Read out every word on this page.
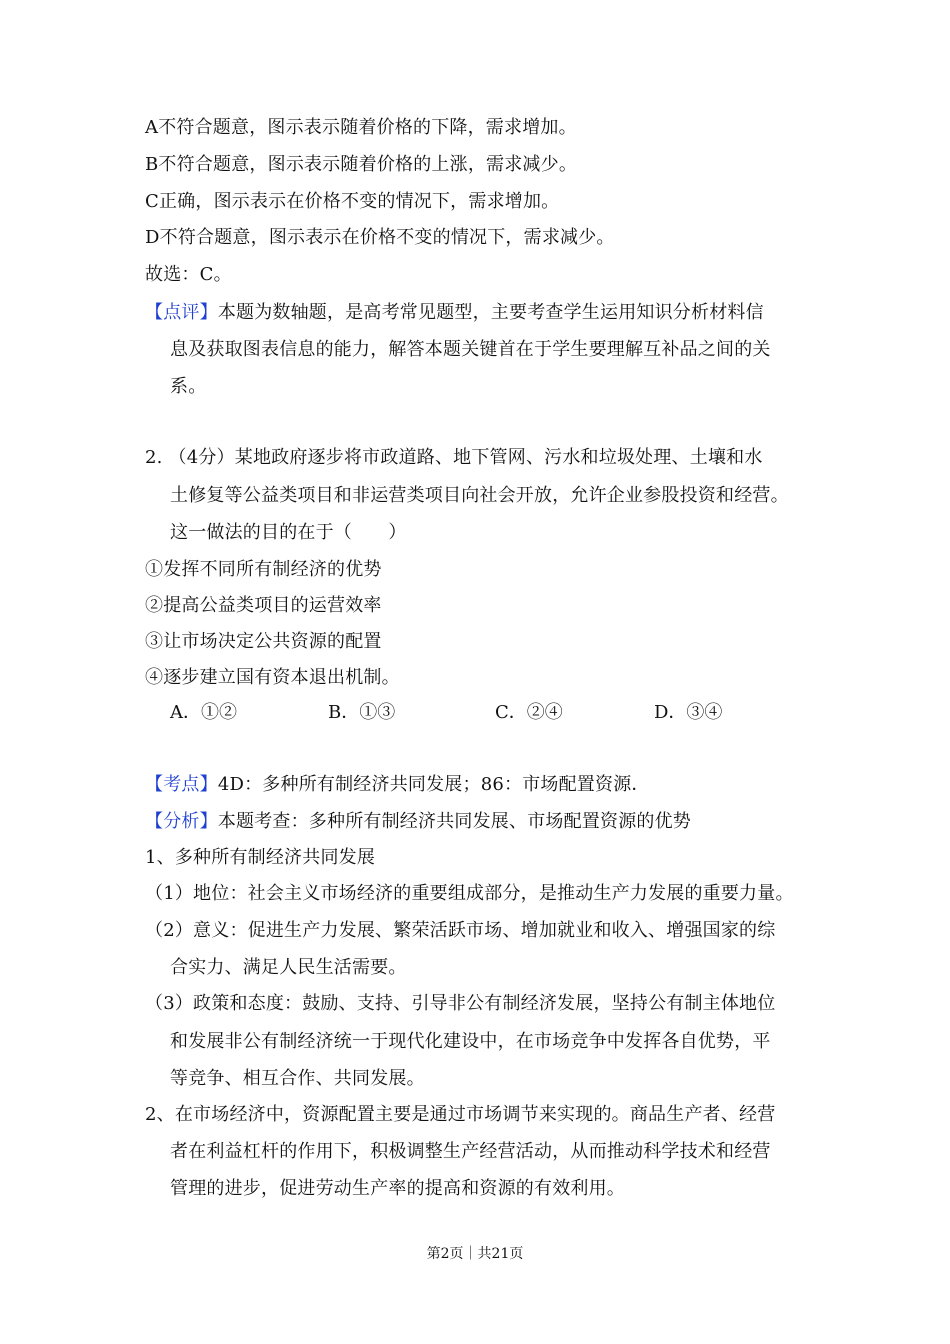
A不符合题意，图示表示随着价格的下降，需求增加。
B不符合题意，图示表示随着价格的上涨，需求减少。
C正确，图示表示在价格不变的情况下，需求增加。
D不符合题意，图示表示在价格不变的情况下，需求减少。
故选：C。
【点评】本题为数轴题，是高考常见题型，主要考查学生运用知识分析材料信
息及获取图表信息的能力，解答本题关键首在于学生要理解互补品之间的关
系。
2. （4分）某地政府逐步将市政道路、地下管网、污水和垃圾处理、土壤和水
土修复等公益类项目和非运营类项目向社会开放，允许企业参股投资和经营。
这一做法的目的在于（　　）
①发挥不同所有制经济的优势
②提高公益类项目的运营效率
③让市场决定公共资源的配置
④逐步建立国有资本退出机制。
A．①②	B．①③	C．②④	D．③④
【考点】4D：多种所有制经济共同发展；86：市场配置资源．
【分析】本题考查：多种所有制经济共同发展、市场配置资源的优势
1、多种所有制经济共同发展
（1）地位：社会主义市场经济的重要组成部分，是推动生产力发展的重要力量。
（2）意义：促进生产力发展、繁荣活跃市场、增加就业和收入、增强国家的综
合实力、满足人民生活需要。
（3）政策和态度：鼓励、支持、引导非公有制经济发展，坚持公有制主体地位
和发展非公有制经济统一于现代化建设中，在市场竞争中发挥各自优势，平
等竞争、相互合作、共同发展。
2、在市场经济中，资源配置主要是通过市场调节来实现的。商品生产者、经营
者在利益杠杆的作用下，积极调整生产经营活动，从而推动科学技术和经营
管理的进步，促进劳动生产率的提高和资源的有效利用。
第2页｜共21页
